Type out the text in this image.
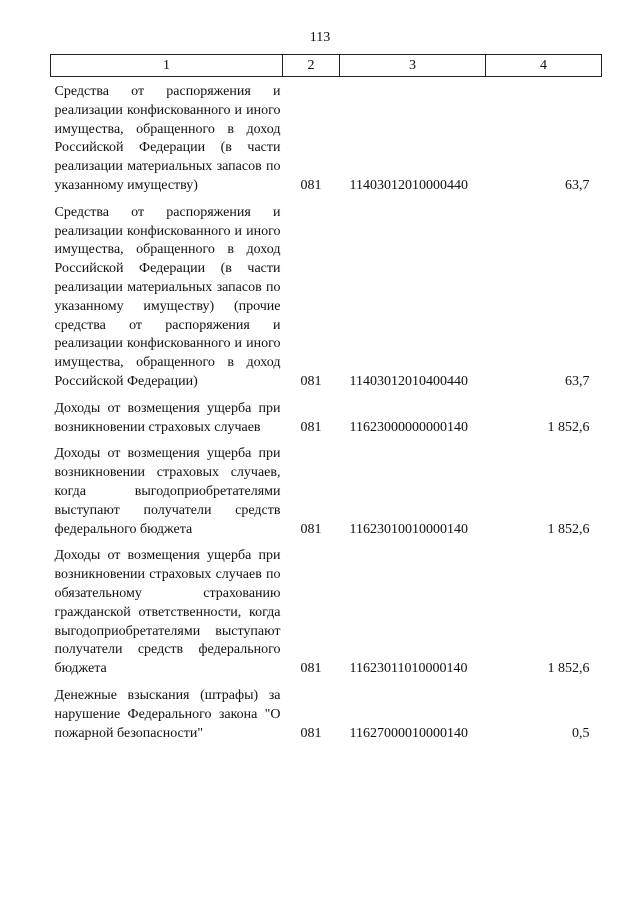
113
1	2	3	4
Средства от распоряжения и реализации конфискованного и иного имущества, обращенного в доход Российской Федерации (в части реализации материальных запасов по указанному имуществу)	081	11403012010000440	63,7
Средства от распоряжения и реализации конфискованного и иного имущества, обращенного в доход Российской Федерации (в части реализации материальных запасов по указанному имуществу) (прочие средства от распоряжения и реализации конфискованного и иного имущества, обращенного в доход Российской Федерации)	081	11403012010400440	63,7
Доходы от возмещения ущерба при возникновении страховых случаев	081	11623000000000140	1 852,6
Доходы от возмещения ущерба при возникновении страховых случаев, когда выгодоприобретателями выступают получатели средств федерального бюджета	081	11623010010000140	1 852,6
Доходы от возмещения ущерба при возникновении страховых случаев по обязательному страхованию гражданской ответственности, когда выгодоприобретателями выступают получатели средств федерального бюджета	081	11623011010000140	1 852,6
Денежные взыскания (штрафы) за нарушение Федерального закона "О пожарной безопасности"	081	11627000010000140	0,5
